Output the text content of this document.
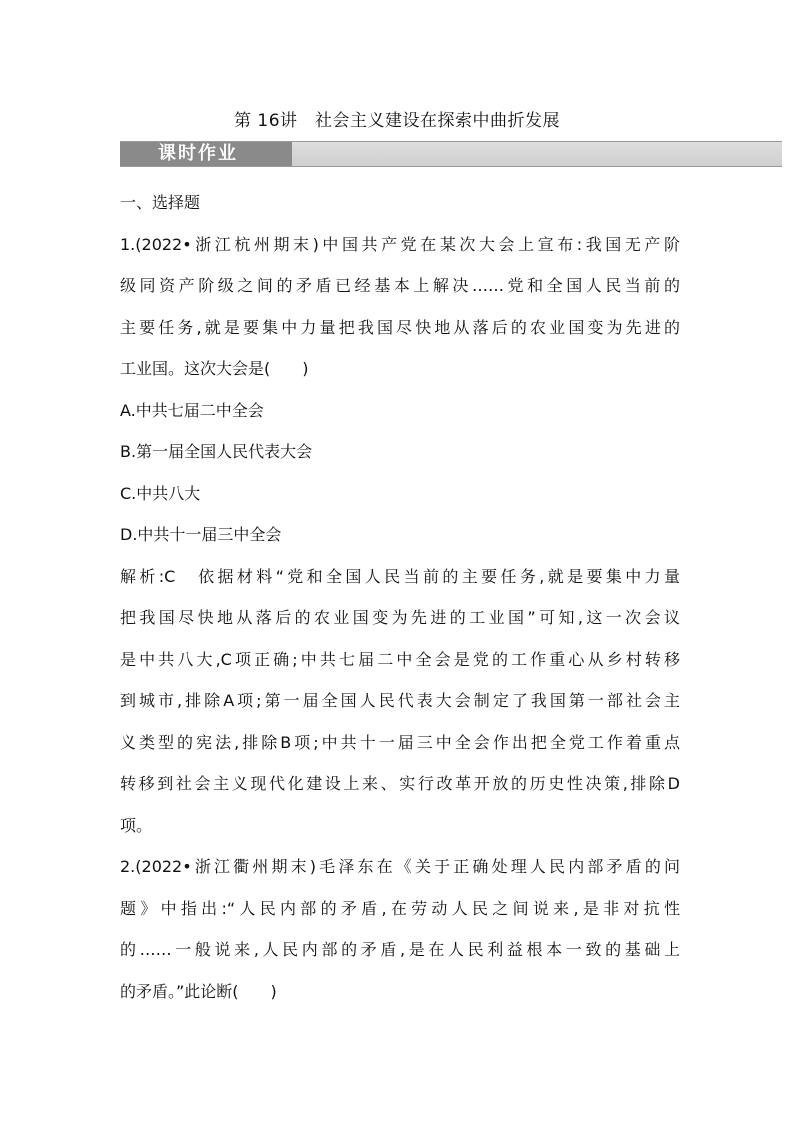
第 16讲　社会主义建设在探索中曲折发展
课时作业
一、选择题
1.(2022•浙江杭州期末)中国共产党在某次大会上宣布:我国无产阶
级同资产阶级之间的矛盾已经基本上解决……党和全国人民当前的
主要任务,就是要集中力量把我国尽快地从落后的农业国变为先进的
工业国。这次大会是(　　)
A.中共七届二中全会
B.第一届全国人民代表大会
C.中共八大
D.中共十一届三中全会
解析:C　依据材料“党和全国人民当前的主要任务,就是要集中力量
把我国尽快地从落后的农业国变为先进的工业国”可知,这一次会议
是中共八大,C项正确;中共七届二中全会是党的工作重心从乡村转移
到城市,排除A项;第一届全国人民代表大会制定了我国第一部社会主
义类型的宪法,排除B项;中共十一届三中全会作出把全党工作着重点
转移到社会主义现代化建设上来、实行改革开放的历史性决策,排除D
项。
2.(2022•浙江衢州期末)毛泽东在《关于正确处理人民内部矛盾的问
题》中指出:“人民内部的矛盾,在劳动人民之间说来,是非对抗性
的……一般说来,人民内部的矛盾,是在人民利益根本一致的基础上
的矛盾。”此论断(　　)
